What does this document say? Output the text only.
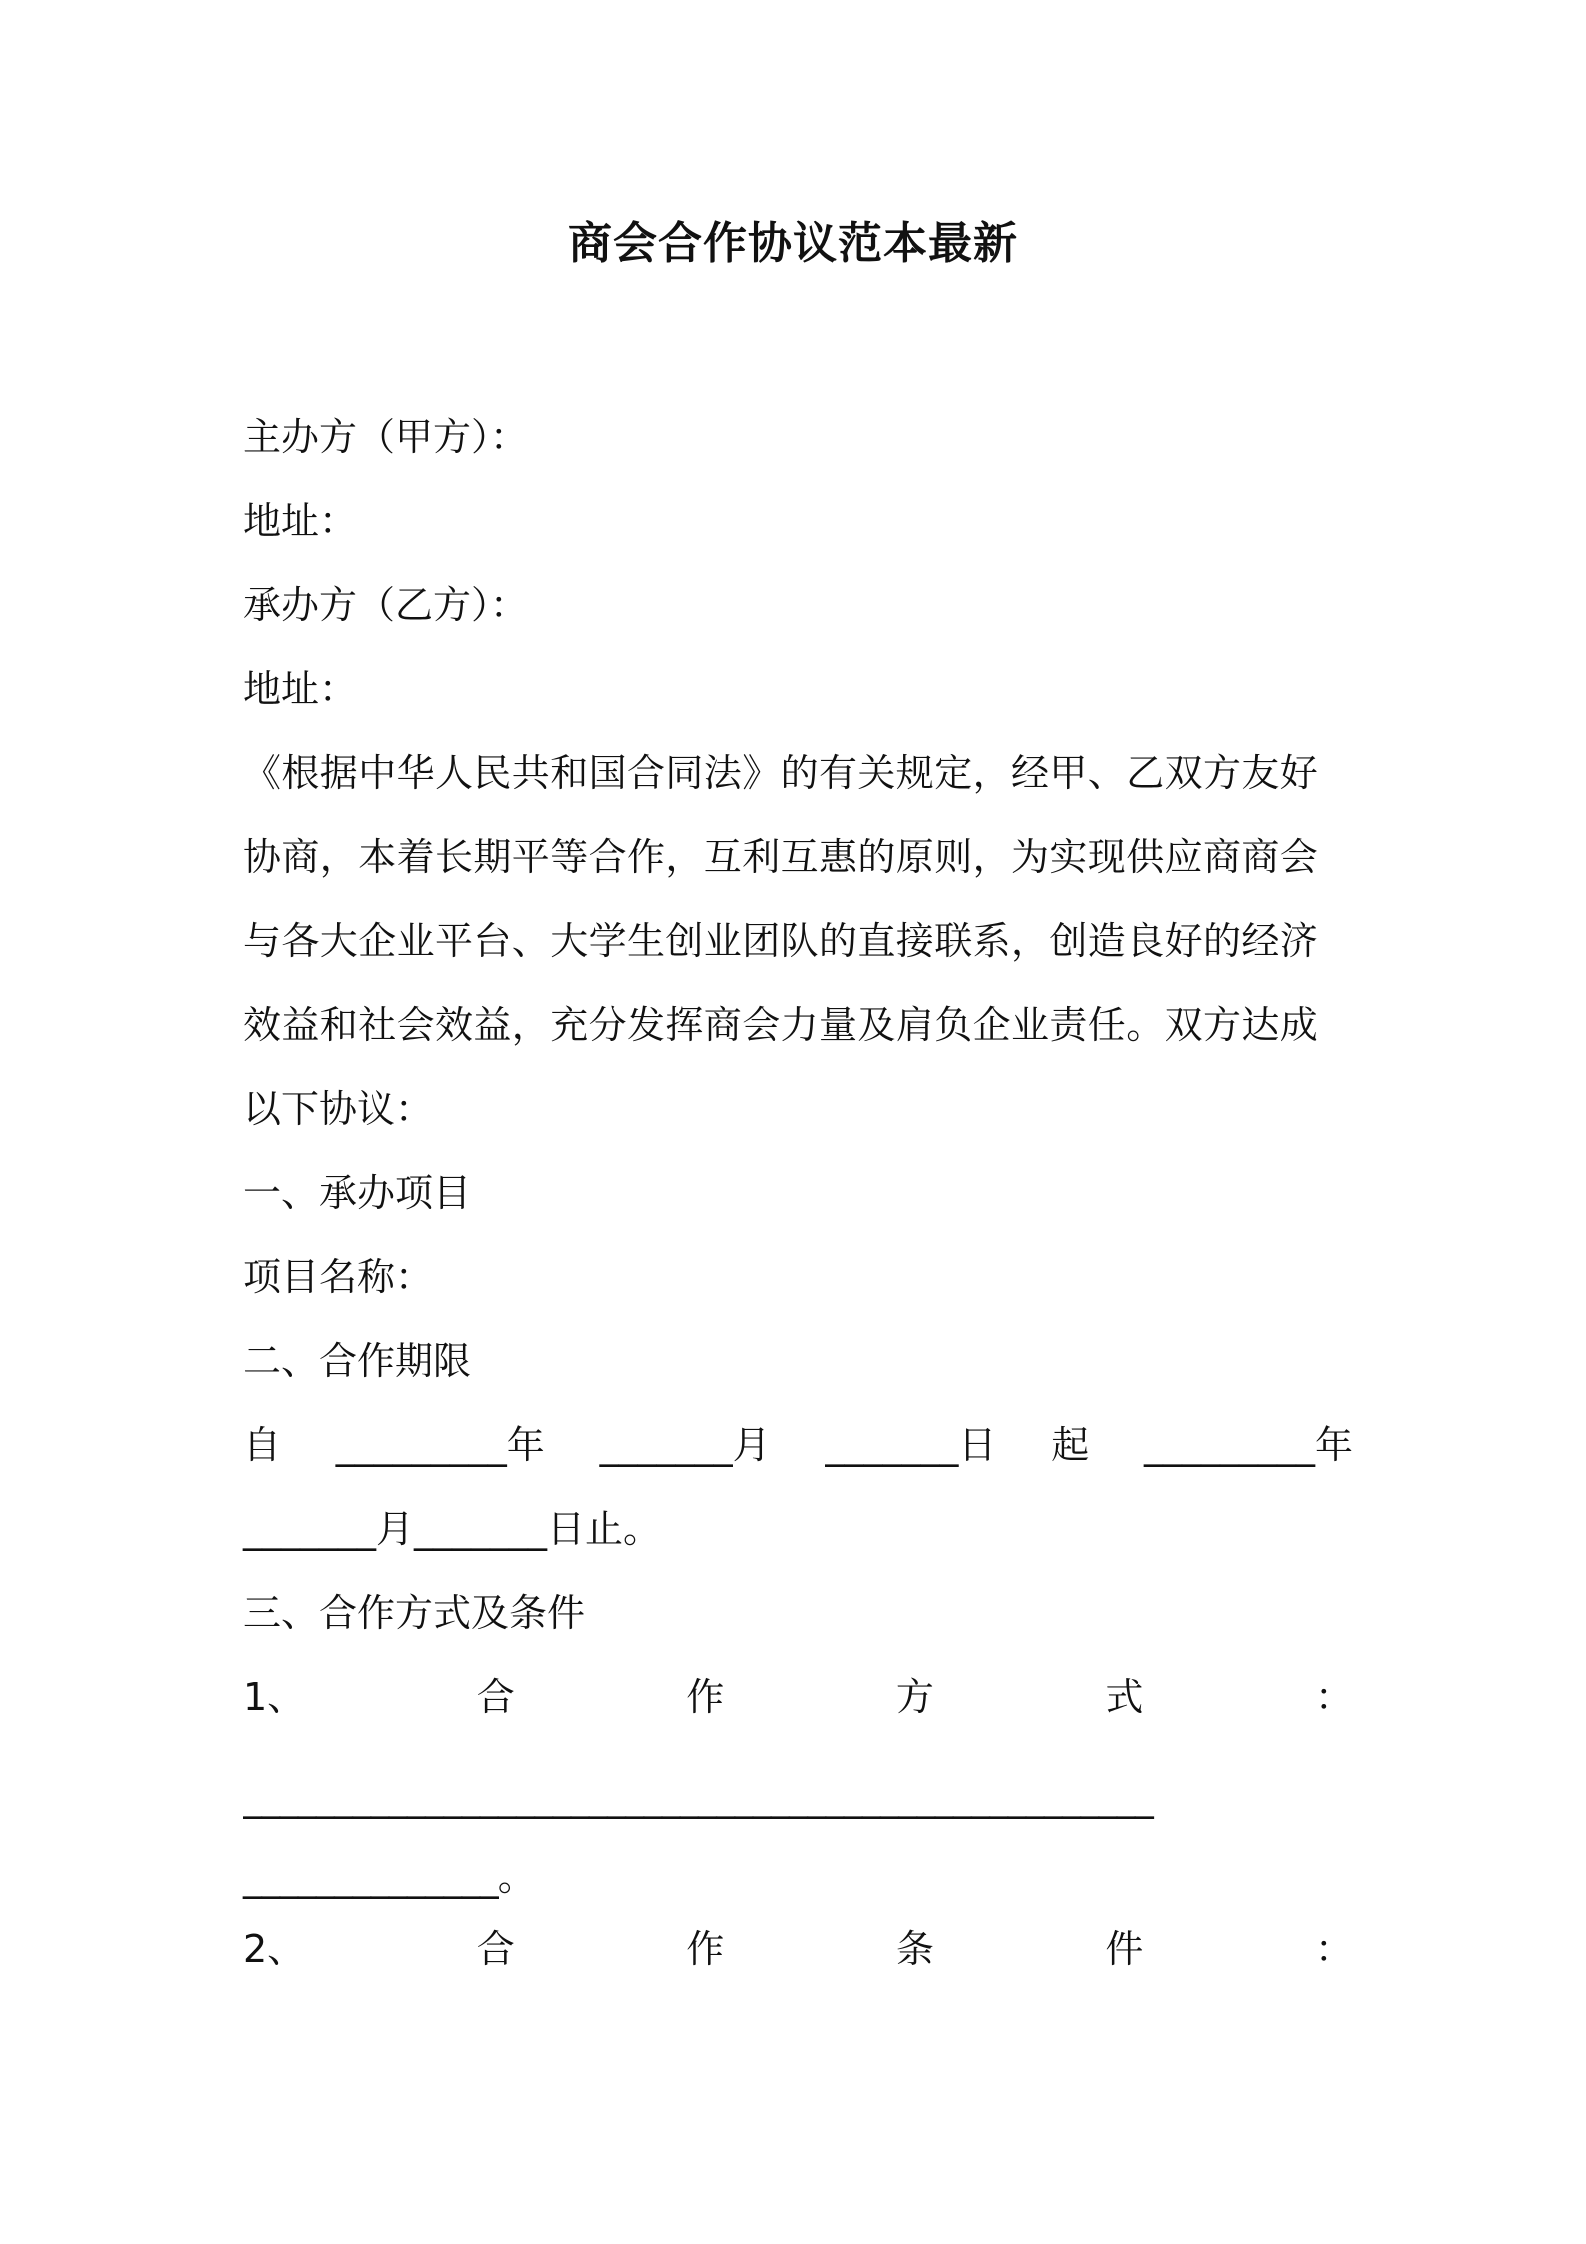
商会合作协议范本最新
主办方（甲方）：
地址：
承办方（乙方）：
地址：
《根据中华人民共和国合同法》的有关规定，经甲、乙双方友好
协商，本着长期平等合作，互利互惠的原则，为实现供应商商会
与各大企业平台、大学生创业团队的直接联系，创造良好的经济
效益和社会效益，充分发挥商会力量及肩负企业责任。双方达成
以下协议：
一、承办项目
项目名称：
二、合作期限
自 _________年 _______月 _______日 起 _________年
_______月_______日止。
三、合作方式及条件
1、	合	作	方	式	：
__________________________________________________
______________。
2、	合	作	条	件	：
